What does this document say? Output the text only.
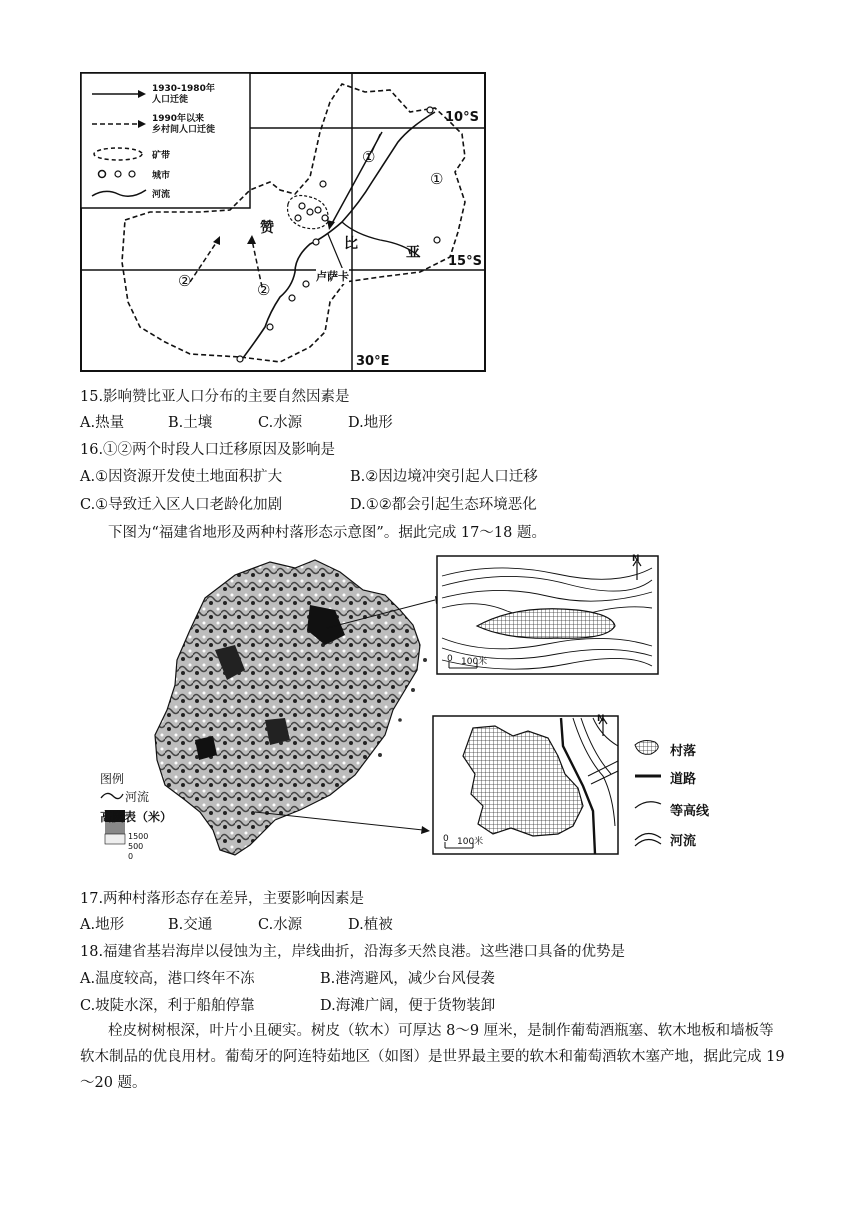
1930-1980年
人口迁徙
1990年以来
乡村间人口迁徙
矿带
城市
河流
10°S
15°S
30°E
赞
比
亚
卢萨卡
①
①
②	②
15.影响赞比亚人口分布的主要自然因素是
A.热量	B.土壤	C.水源	D.地形
16.①②两个时段人口迁移原因及影响是
A.①因资源开发使土地面积扩大	B.②因边境冲突引起人口迁移
C.①导致迁入区人口老龄化加剧	D.①②都会引起生态环境恶化
下图为“福建省地形及两种村落形态示意图”。据此完成 17～18 题。
图例
河流
高度表（米）
1500
500
0
0 100米
N
0 100米
N
村落
道路
等高线
河流
17.两种村落形态存在差异，主要影响因素是
A.地形	B.交通	C.水源	D.植被
18.福建省基岩海岸以侵蚀为主，岸线曲折，沿海多天然良港。这些港口具备的优势是
A.温度较高，港口终年不冻	B.港湾避风，减少台风侵袭
C.坡陡水深，利于船舶停靠	D.海滩广阔，便于货物装卸
栓皮树树根深，叶片小且硬实。树皮（软木）可厚达 8～9 厘米，是制作葡萄酒瓶塞、软木地板和墙板等软木制品的优良用材。葡萄牙的阿连特茹地区（如图）是世界最主要的软木和葡萄酒软木塞产地，据此完成 19～20 题。
